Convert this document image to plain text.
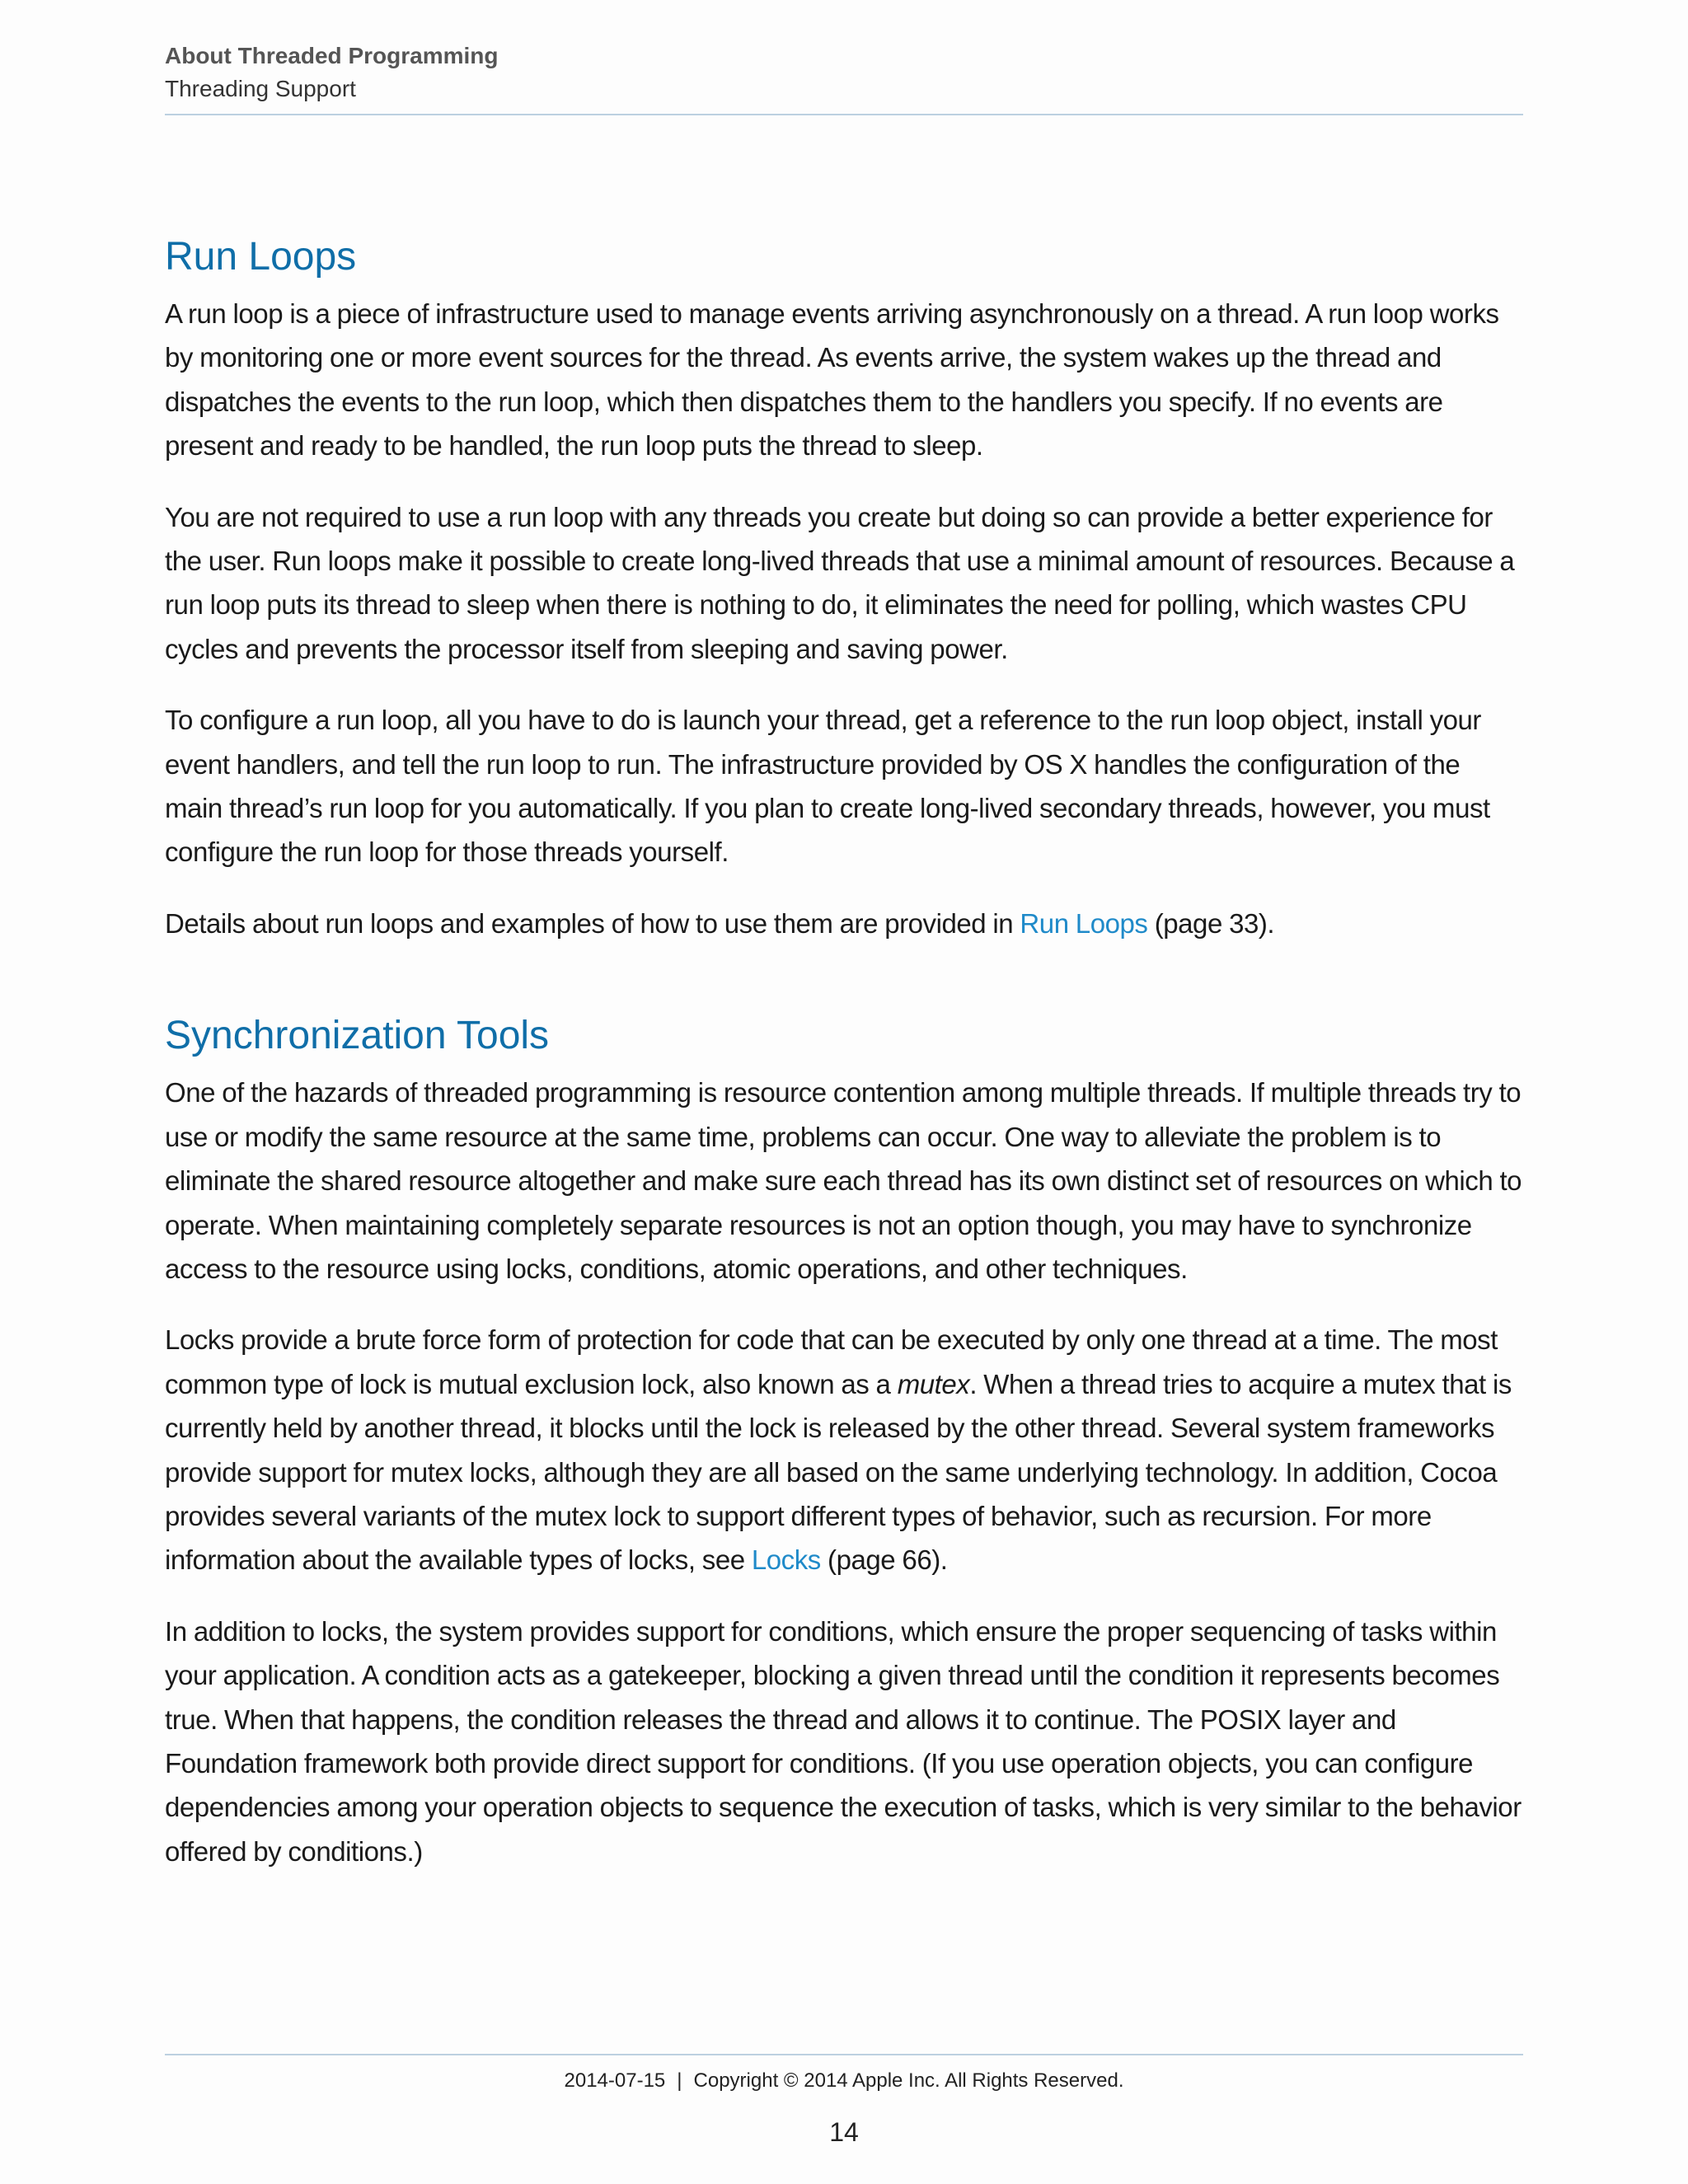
About Threaded Programming
Threading Support
Run Loops

A run loop is a piece of infrastructure used to manage events arriving asynchronously on a thread. A run loop works by monitoring one or more event sources for the thread. As events arrive, the system wakes up the thread and dispatches the events to the run loop, which then dispatches them to the handlers you specify. If no events are present and ready to be handled, the run loop puts the thread to sleep.

You are not required to use a run loop with any threads you create but doing so can provide a better experience for the user. Run loops make it possible to create long-lived threads that use a minimal amount of resources. Because a run loop puts its thread to sleep when there is nothing to do, it eliminates the need for polling, which wastes CPU cycles and prevents the processor itself from sleeping and saving power.

To configure a run loop, all you have to do is launch your thread, get a reference to the run loop object, install your event handlers, and tell the run loop to run. The infrastructure provided by OS X handles the configuration of the main thread’s run loop for you automatically. If you plan to create long-lived secondary threads, however, you must configure the run loop for those threads yourself.

Details about run loops and examples of how to use them are provided in Run Loops (page 33).

Synchronization Tools

One of the hazards of threaded programming is resource contention among multiple threads. If multiple threads try to use or modify the same resource at the same time, problems can occur. One way to alleviate the problem is to eliminate the shared resource altogether and make sure each thread has its own distinct set of resources on which to operate. When maintaining completely separate resources is not an option though, you may have to synchronize access to the resource using locks, conditions, atomic operations, and other techniques.

Locks provide a brute force form of protection for code that can be executed by only one thread at a time. The most common type of lock is mutual exclusion lock, also known as a mutex. When a thread tries to acquire a mutex that is currently held by another thread, it blocks until the lock is released by the other thread. Several system frameworks provide support for mutex locks, although they are all based on the same underlying technology. In addition, Cocoa provides several variants of the mutex lock to support different types of behavior, such as recursion. For more information about the available types of locks, see Locks (page 66).

In addition to locks, the system provides support for conditions, which ensure the proper sequencing of tasks within your application. A condition acts as a gatekeeper, blocking a given thread until the condition it represents becomes true. When that happens, the condition releases the thread and allows it to continue. The POSIX layer and Foundation framework both provide direct support for conditions. (If you use operation objects, you can configure dependencies among your operation objects to sequence the execution of tasks, which is very similar to the behavior offered by conditions.)

2014-07-15 | Copyright © 2014 Apple Inc. All Rights Reserved.
14
